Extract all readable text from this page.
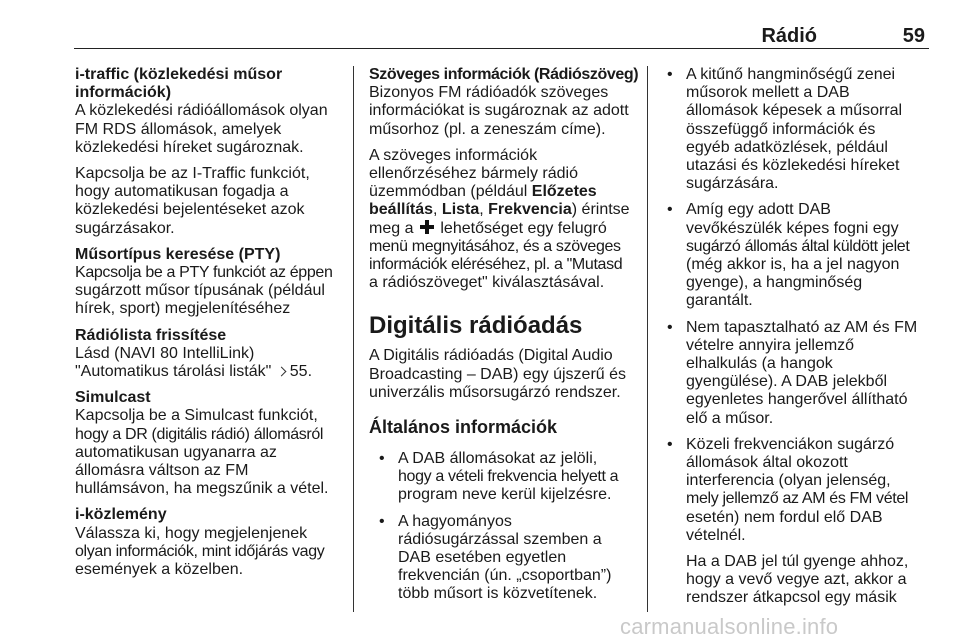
Rádió	59
i-traffic (közlekedési műsor
információk)
A közlekedési rádióállomások olyan
FM RDS állomások, amelyek
közlekedési híreket sugároznak.
Kapcsolja be az I-Traffic funkciót,
hogy automatikusan fogadja a
közlekedési bejelentéseket azok
sugárzásakor.
Műsortípus keresése (PTY)
Kapcsolja be a PTY funkciót az éppen
sugárzott műsor típusának (például
hírek, sport) megjelenítéséhez
Rádiólista frissítése
Lásd (NAVI 80 IntelliLink)
"Automatikus tárolási listák" 55.
Simulcast
Kapcsolja be a Simulcast funkciót,
hogy a DR (digitális rádió) állomásról
automatikusan ugyanarra az
állomásra váltson az FM
hullámsávon, ha megszűnik a vétel.
i-közlemény
Válassza ki, hogy megjelenjenek
olyan információk, mint időjárás vagy
események a közelben.
Szöveges információk (Rádiószöveg)
Bizonyos FM rádióadók szöveges
információkat is sugároznak az adott
műsorhoz (pl. a zeneszám címe).
A szöveges információk
ellenőrzéséhez bármely rádió
üzemmódban (például Előzetes
beállítás, Lista, Frekvencia) érintse
meg a lehetőséget egy felugró
menü megnyitásához, és a szöveges
információk eléréséhez, pl. a "Mutasd
a rádiószöveget" kiválasztásával.
Digitális rádióadás
A Digitális rádióadás (Digital Audio
Broadcasting – DAB) egy újszerű és
univerzális műsorsugárzó rendszer.
Általános információk
• A DAB állomásokat az jelöli,
hogy a vételi frekvencia helyett a
program neve kerül kijelzésre.
• A hagyományos
rádiósugárzással szemben a
DAB esetében egyetlen
frekvencián (ún. „csoportban”)
több műsort is közvetítenek.
• A kitűnő hangminőségű zenei
műsorok mellett a DAB
állomások képesek a műsorral
összefüggő információk és
egyéb adatközlések, például
utazási és közlekedési híreket
sugárzására.
• Amíg egy adott DAB
vevőkészülék képes fogni egy
sugárzó állomás által küldött jelet
(még akkor is, ha a jel nagyon
gyenge), a hangminőség
garantált.
• Nem tapasztalható az AM és FM
vételre annyira jellemző
elhalkulás (a hangok
gyengülése). A DAB jelekből
egyenletes hangerővel állítható
elő a műsor.
• Közeli frekvenciákon sugárzó
állomások által okozott
interferencia (olyan jelenség,
mely jellemző az AM és FM vétel
esetén) nem fordul elő DAB
vételnél.
Ha a DAB jel túl gyenge ahhoz,
hogy a vevő vegye azt, akkor a
rendszer átkapcsol egy másik
carmanualsonline.info
